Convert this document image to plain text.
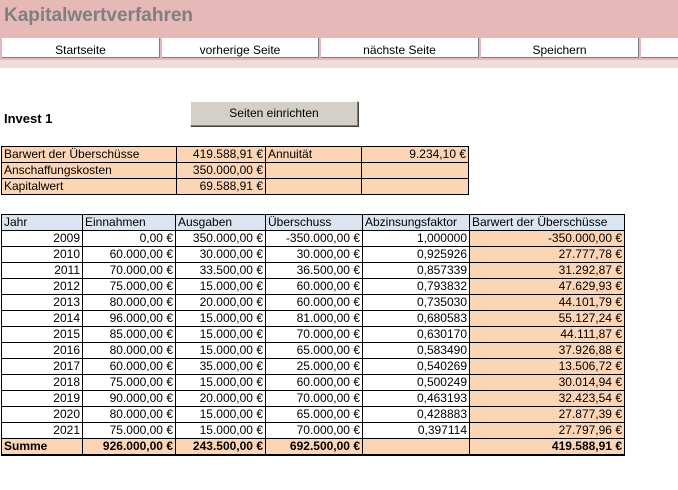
Kapitalwertverfahren
Startseite	vorherige Seite	nächste Seite	Speichern
Invest 1	Seiten einrichten
Barwert der Überschüsse	419.588,91 €	Annuität	9.234,10 €
Anschaffungskosten	350.000,00 €		
Kapitalwert	69.588,91 €		
Jahr	Einnahmen	Ausgaben	Überschuss	Abzinsungsfaktor	Barwert der Überschüsse
2009	0,00 €	350.000,00 €	-350.000,00 €	1,000000	-350.000,00 €
2010	60.000,00 €	30.000,00 €	30.000,00 €	0,925926	27.777,78 €
2011	70.000,00 €	33.500,00 €	36.500,00 €	0,857339	31.292,87 €
2012	75.000,00 €	15.000,00 €	60.000,00 €	0,793832	47.629,93 €
2013	80.000,00 €	20.000,00 €	60.000,00 €	0,735030	44.101,79 €
2014	96.000,00 €	15.000,00 €	81.000,00 €	0,680583	55.127,24 €
2015	85.000,00 €	15.000,00 €	70.000,00 €	0,630170	44.111,87 €
2016	80.000,00 €	15.000,00 €	65.000,00 €	0,583490	37.926,88 €
2017	60.000,00 €	35.000,00 €	25.000,00 €	0,540269	13.506,72 €
2018	75.000,00 €	15.000,00 €	60.000,00 €	0,500249	30.014,94 €
2019	90.000,00 €	20.000,00 €	70.000,00 €	0,463193	32.423,54 €
2020	80.000,00 €	15.000,00 €	65.000,00 €	0,428883	27.877,39 €
2021	75.000,00 €	15.000,00 €	70.000,00 €	0,397114	27.797,96 €
Summe	926.000,00 €	243.500,00 €	692.500,00 €		419.588,91 €
